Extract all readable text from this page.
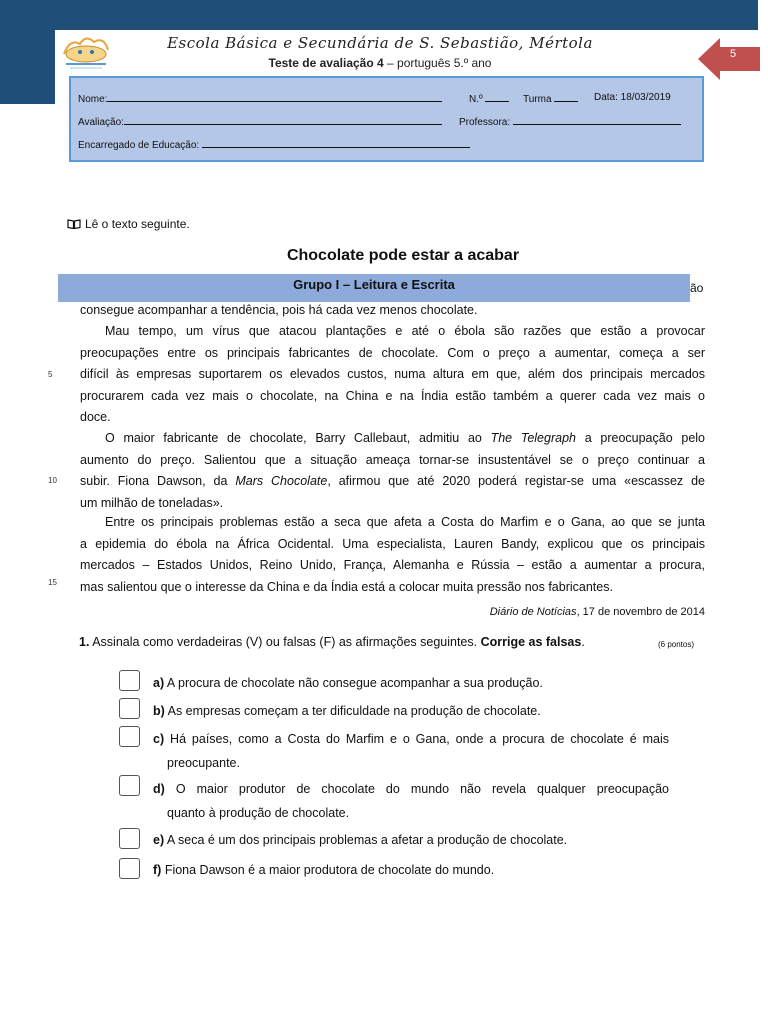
Escola Básica e Secundária de S. Sebastião, Mértola
Teste de avaliação 4 – português 5.º ano
5
Nome:	N.º	Turma	Data: 18/03/2019
Avaliação:	Professora:
Encarregado de Educação:
Lê o texto seguinte.
Chocolate pode estar a acabar
Grupo I – Leitura e Escrita	ão
consegue acompanhar a tendência, pois há cada vez menos chocolate.
Mau tempo, um vírus que atacou plantações e até o ébola são razões que estão a provocar
preocupações entre os principais fabricantes de chocolate. Com o preço a aumentar, começa a ser
difícil às empresas suportarem os elevados custos, numa altura em que, além dos principais mercados
procurarem cada vez mais o chocolate, na China e na Índia estão também a querer cada vez mais o
doce.
O maior fabricante de chocolate, Barry Callebaut, admitiu ao The Telegraph a preocupação pelo
aumento do preço. Salientou que a situação ameaça tornar-se insustentável se o preço continuar a
subir. Fiona Dawson, da Mars Chocolate, afirmou que até 2020 poderá registar-se uma «escassez de
um milhão de toneladas».
Entre os principais problemas estão a seca que afeta a Costa do Marfim e o Gana, ao que se junta
a epidemia do ébola na África Ocidental. Uma especialista, Lauren Bandy, explicou que os principais
mercados – Estados Unidos, Reino Unido, França, Alemanha e Rússia – estão a aumentar a procura,
mas salientou que o interesse da China e da Índia está a colocar muita pressão nos fabricantes.
5
10
15
Diário de Notícias, 17 de novembro de 2014
1. Assinala como verdadeiras (V) ou falsas (F) as afirmações seguintes. Corrige as falsas.	(6 pontos)
a) A procura de chocolate não consegue acompanhar a sua produção.
b) As empresas começam a ter dificuldade na produção de chocolate.
c) Há países, como a Costa do Marfim e o Gana, onde a procura de chocolate é mais
preocupante.
d) O maior produtor de chocolate do mundo não revela qualquer preocupação
quanto à produção de chocolate.
e) A seca é um dos principais problemas a afetar a produção de chocolate.
f) Fiona Dawson é a maior produtora de chocolate do mundo.
